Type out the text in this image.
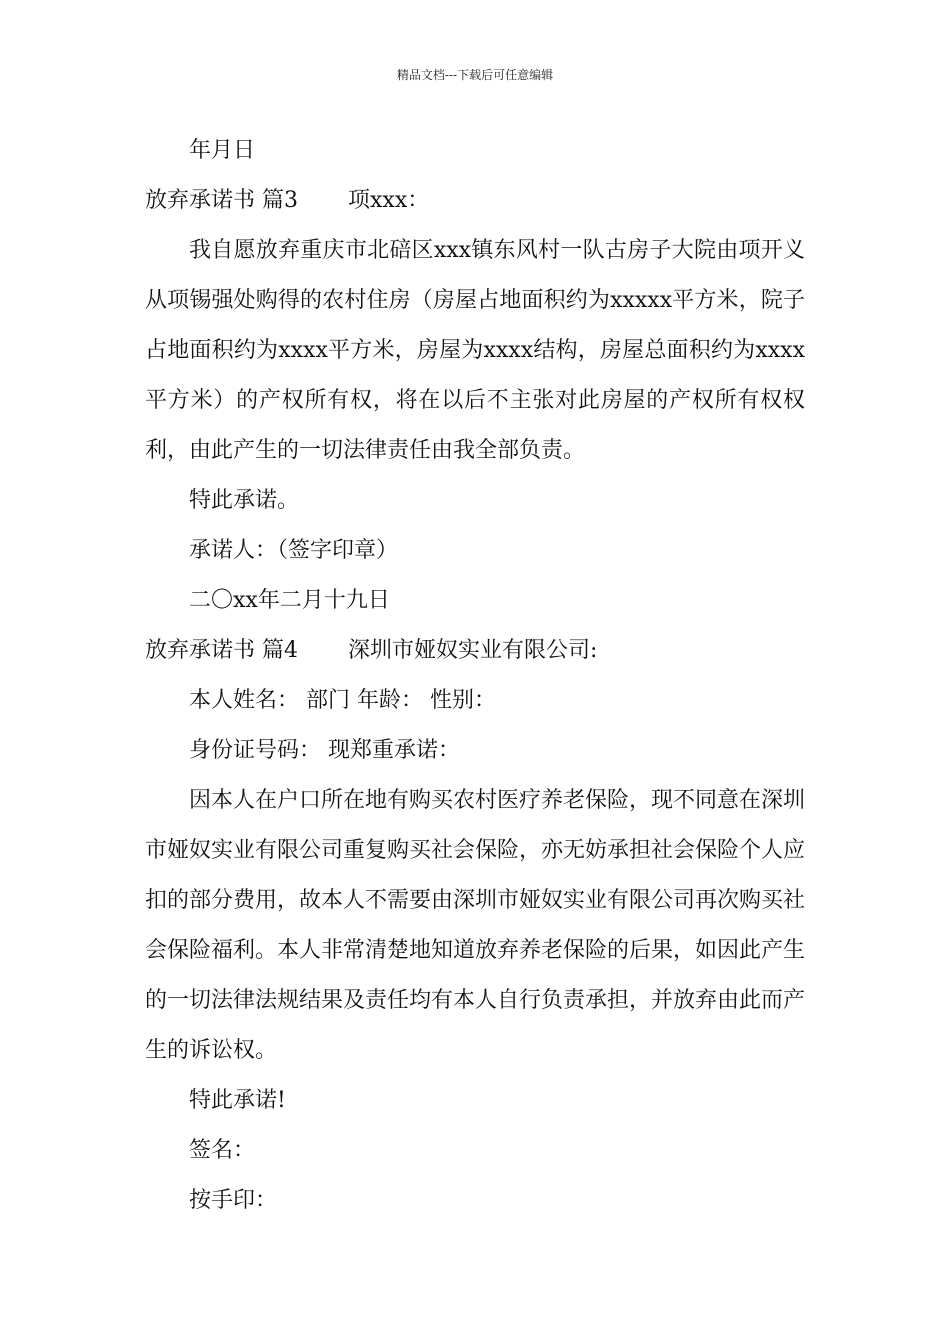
精品文档---下载后可任意编辑
年月日
放弃承诺书 篇3 项xxx：
我自愿放弃重庆市北碚区xxx镇东风村一队古房子大院由项开义从项锡强处购得的农村住房（房屋占地面积约为xxxxx平方米，院子占地面积约为xxxx平方米，房屋为xxxx结构，房屋总面积约为xxxx平方米）的产权所有权，将在以后不主张对此房屋的产权所有权权利，由此产生的一切法律责任由我全部负责。
特此承诺。
承诺人：（签字印章）
二〇xx年二月十九日
放弃承诺书 篇4 深圳市娅奴实业有限公司:
本人姓名： 部门 年龄： 性别：
身份证号码： 现郑重承诺：
因本人在户口所在地有购买农村医疗养老保险，现不同意在深圳市娅奴实业有限公司重复购买社会保险，亦无妨承担社会保险个人应扣的部分费用，故本人不需要由深圳市娅奴实业有限公司再次购买社会保险福利。本人非常清楚地知道放弃养老保险的后果，如因此产生的一切法律法规结果及责任均有本人自行负责承担，并放弃由此而产生的诉讼权。
特此承诺!
签名：
按手印：
